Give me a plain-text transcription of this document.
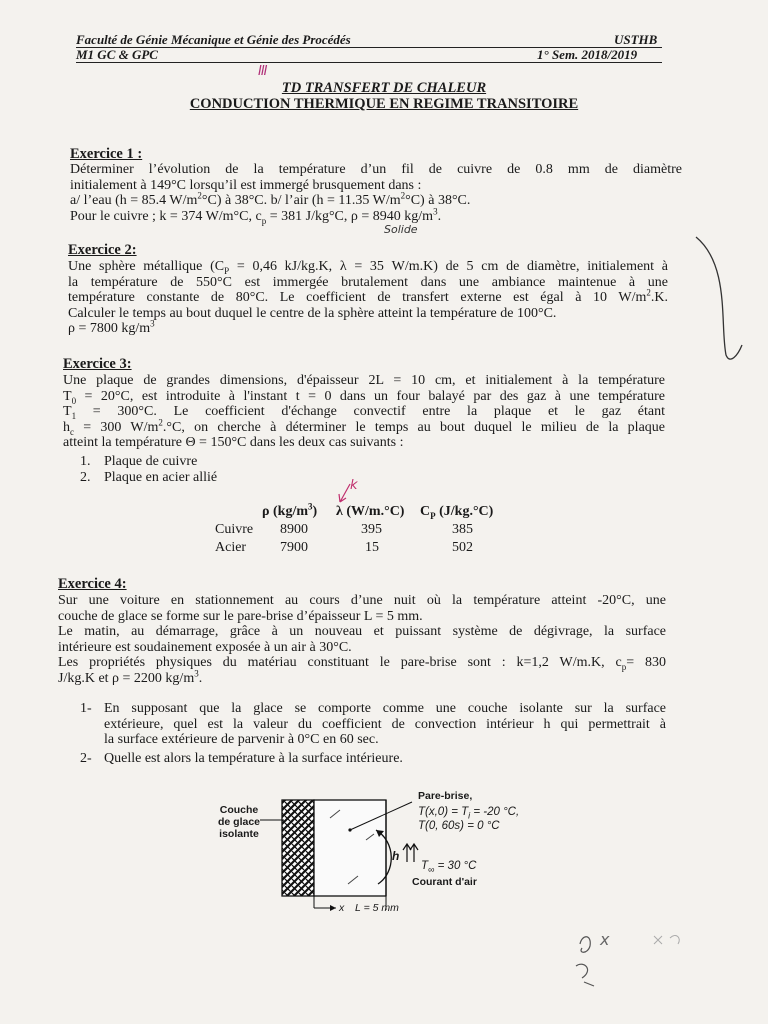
Faculté de Génie Mécanique et Génie des Procédés	USTHB
M1 GC & GPC	1° Sem. 2018/2019
III
TD TRANSFERT DE CHALEUR
CONDUCTION THERMIQUE EN REGIME TRANSITOIRE
Exercice 1 :
Déterminer l’évolution de la température d’un fil de cuivre de 0.8 mm de diamètre
initialement à 149°C lorsqu’il est immergé brusquement dans :
a/ l’eau (h = 85.4 $W/m^2^\circ C$) à 38°C. b/ l’air (h = 11.35 $W/m^2^\circ C$) à 38°C.
Pour le cuivre ; k = 374 W/m°C, $c_p = 381$ J/kg°C, ρ = 8940 $kg/m^3$.
Solide
Exercice 2:
Une sphère métallique ($C_P = 0,46$ kJ/kg.K, λ = 35 W/m.K) de 5 cm de diamètre, initialement à
la température de 550°C est immergée brutalement dans une ambiance maintenue à une
température constante de 80°C. Le coefficient de transfert externe est égal à 10 $W/m^2.K$.
Calculer le temps au bout duquel le centre de la sphère atteint la température de 100°C.
ρ = 7800 $kg/m^3$
Exercice 3:
Une plaque de grandes dimensions, d'épaisseur 2L = 10 cm, et initialement à la température
$T_0 = 20^\circ C$, est introduite à l'instant t = 0 dans un four balayé par des gaz à une température
$T_1 = 300^\circ C$. Le coefficient d'échange convectif entre la plaque et le gaz étant
$h_c = 300$ $W/m^2.^\circ C$, on cherche à déterminer le temps au bout duquel le milieu de la plaque
atteint la température Θ = 150°C dans les deux cas suivants :
1. Plaque de cuivre
2. Plaque en acier allié
k
ρ $(kg/m^3)$ λ (W/m.°C) $C_P$ (J/kg.°C)
Cuivre 8900	395	385
Acier 7900	15	502
Exercice 4:
Sur une voiture en stationnement au cours d’une nuit où la température atteint -20°C, une
couche de glace se forme sur le pare-brise d’épaisseur L = 5 mm.
Le matin, au démarrage, grâce à un nouveau et puissant système de dégivrage, la surface
intérieure est soudainement exposée à un air à 30°C.
Les propriétés physiques du matériau constituant le pare-brise sont : k=1,2 W/m.K, $c_p= 830$
J/kg.K et ρ = 2200 $kg/m^3$.
1- En supposant que la glace se comporte comme une couche isolante sur la surface
extérieure, quel est la valeur du coefficient de convection intérieur h qui permettrait à
la surface extérieure de parvenir à 0°C en 60 sec.
2- Quelle est alors la température à la surface intérieure.
Couche
de glace
isolante
Pare-brise,
$T(x,0) = T_i = -20$ °C,
T(0, 60s) = 0 °C
h
$T_\infty = 30$ °C
Courant d'air
x L = 5 mm
x
